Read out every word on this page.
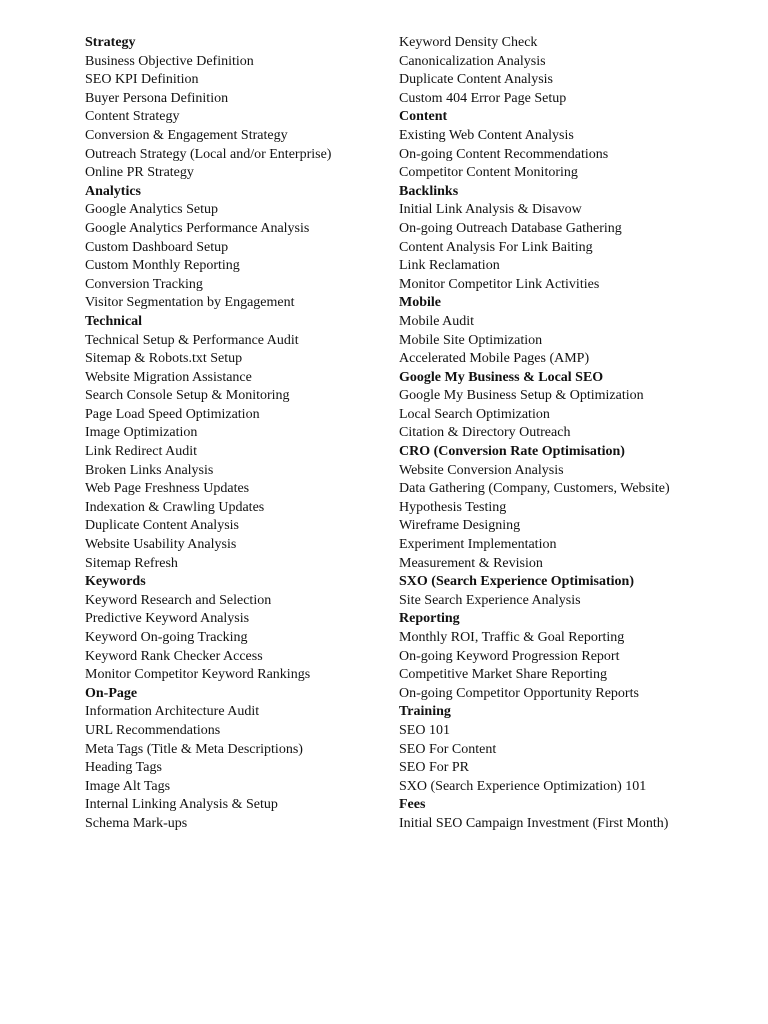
Strategy
Business Objective Definition
SEO KPI Definition
Buyer Persona Definition
Content Strategy
Conversion & Engagement Strategy
Outreach Strategy (Local and/or Enterprise)
Online PR Strategy
Analytics
Google Analytics Setup
Google Analytics Performance Analysis
Custom Dashboard Setup
Custom Monthly Reporting
Conversion Tracking
Visitor Segmentation by Engagement
Technical
Technical Setup & Performance Audit
Sitemap & Robots.txt Setup
Website Migration Assistance
Search Console Setup & Monitoring
Page Load Speed Optimization
Image Optimization
Link Redirect Audit
Broken Links Analysis
Web Page Freshness Updates
Indexation & Crawling Updates
Duplicate Content Analysis
Website Usability Analysis
Sitemap Refresh
Keywords
Keyword Research and Selection
Predictive Keyword Analysis
Keyword On-going Tracking
Keyword Rank Checker Access
Monitor Competitor Keyword Rankings
On-Page
Information Architecture Audit
URL Recommendations
Meta Tags (Title & Meta Descriptions)
Heading Tags
Image Alt Tags
Internal Linking Analysis & Setup
Schema Mark-ups
Keyword Density Check
Canonicalization Analysis
Duplicate Content Analysis
Custom 404 Error Page Setup
Content
Existing Web Content Analysis
On-going Content Recommendations
Competitor Content Monitoring
Backlinks
Initial Link Analysis & Disavow
On-going Outreach Database Gathering
Content Analysis For Link Baiting
Link Reclamation
Monitor Competitor Link Activities
Mobile
Mobile Audit
Mobile Site Optimization
Accelerated Mobile Pages (AMP)
Google My Business & Local SEO
Google My Business Setup & Optimization
Local Search Optimization
Citation & Directory Outreach
CRO (Conversion Rate Optimisation)
Website Conversion Analysis
Data Gathering (Company, Customers, Website)
Hypothesis Testing
Wireframe Designing
Experiment Implementation
Measurement & Revision
SXO (Search Experience Optimisation)
Site Search Experience Analysis
Reporting
Monthly ROI, Traffic & Goal Reporting
On-going Keyword Progression Report
Competitive Market Share Reporting
On-going Competitor Opportunity Reports
Training
SEO 101
SEO For Content
SEO For PR
SXO (Search Experience Optimization) 101
Fees
Initial SEO Campaign Investment (First Month)
